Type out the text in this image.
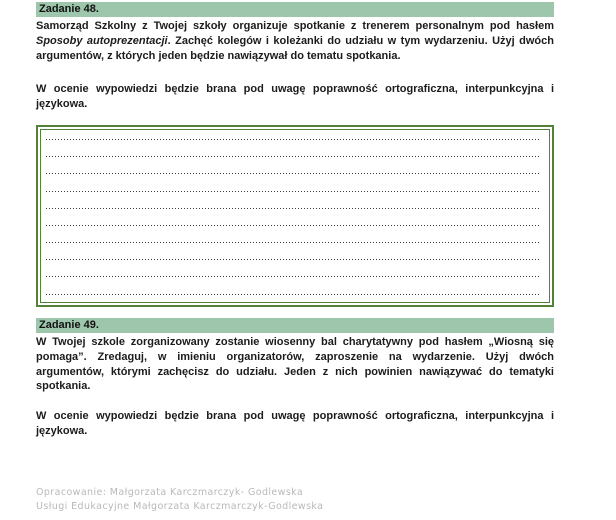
Zadanie 48.

Samorząd Szkolny z Twojej szkoły organizuje spotkanie z trenerem personalnym pod hasłem Sposoby autoprezentacji. Zachęć kolegów i koleżanki do udziału w tym wydarzeniu. Użyj dwóch argumentów, z których jeden będzie nawiązywał do tematu spotkania.

W ocenie wypowiedzi będzie brana pod uwagę poprawność ortograficzna, interpunkcyjna i językowa.

Zadanie 49.

W Twojej szkole zorganizowany zostanie wiosenny bal charytatywny pod hasłem „Wiosną się pomaga”. Zredaguj, w imieniu organizatorów, zaproszenie na wydarzenie. Użyj dwóch argumentów, którymi zachęcisz do udziału. Jeden z nich powinien nawiązywać do tematyki spotkania.

W ocenie wypowiedzi będzie brana pod uwagę poprawność ortograficzna, interpunkcyjna i językowa.

Opracowanie: Małgorzata Karczmarczyk- Godlewska
Usługi Edukacyjne Małgorzata Karczmarczyk-Godlewska
